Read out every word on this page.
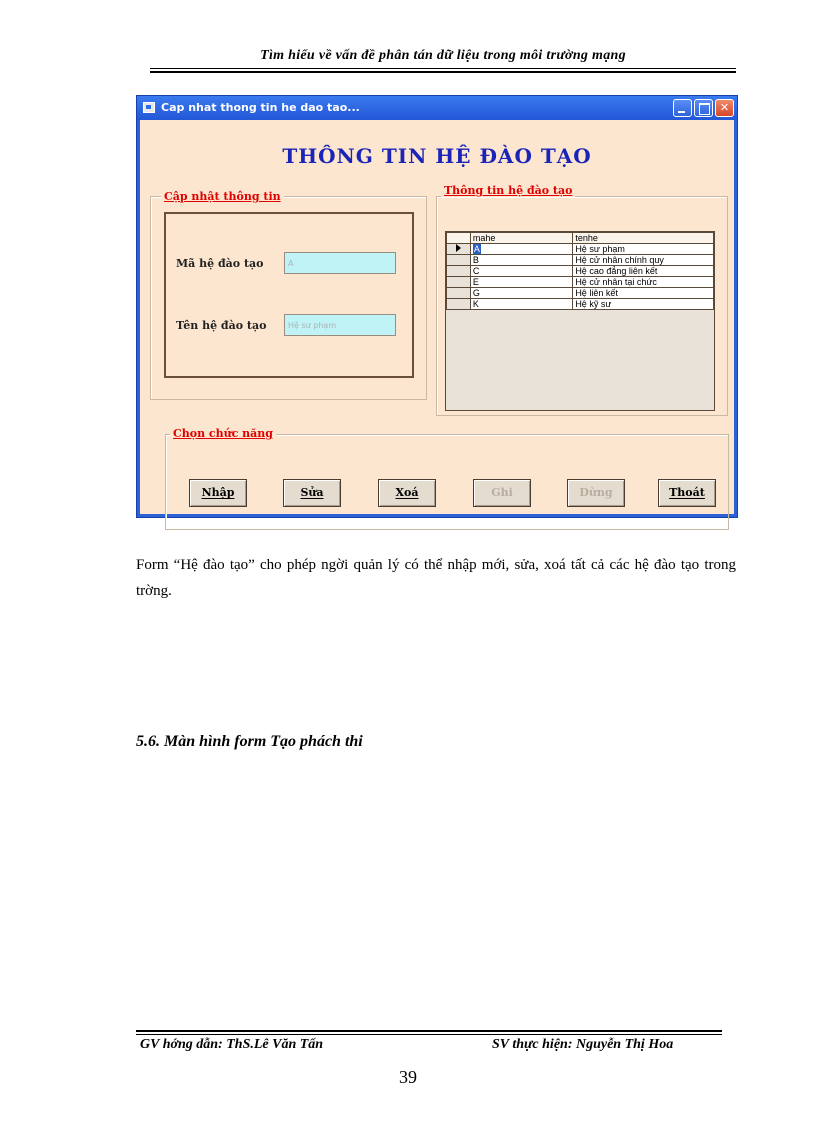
Tìm hiểu về vấn đề phân tán dữ liệu trong môi trường mạng
Cap nhat thong tin he dao tao...	✕
THÔNG TIN HỆ ĐÀO TẠO
Cập nhật thông tin
Mã hệ đào tạo
A
Tên hệ đào tạo
Hệ sư phạm
Thông tin hệ đào tạo
	mahe	tenhe
	A	Hệ sư phạm
	B	Hệ cử nhân chính quy
	C	Hệ cao đẳng liên kết
	E	Hệ cử nhân tại chức
	G	Hệ liên kết
	K	Hệ kỹ sư
Chọn chức năng
Nhập	Sửa	Xoá	Ghi	Dừng	Thoát
Form “Hệ đào tạo” cho phép ngời quản lý có thể nhập mới, sửa, xoá tất cả các hệ đào tạo trong trờng.
5.6. Màn hình form Tạo phách thi
GV hớng dẫn: ThS.Lê Văn Tấn	SV thực hiện: Nguyễn Thị Hoa
39
